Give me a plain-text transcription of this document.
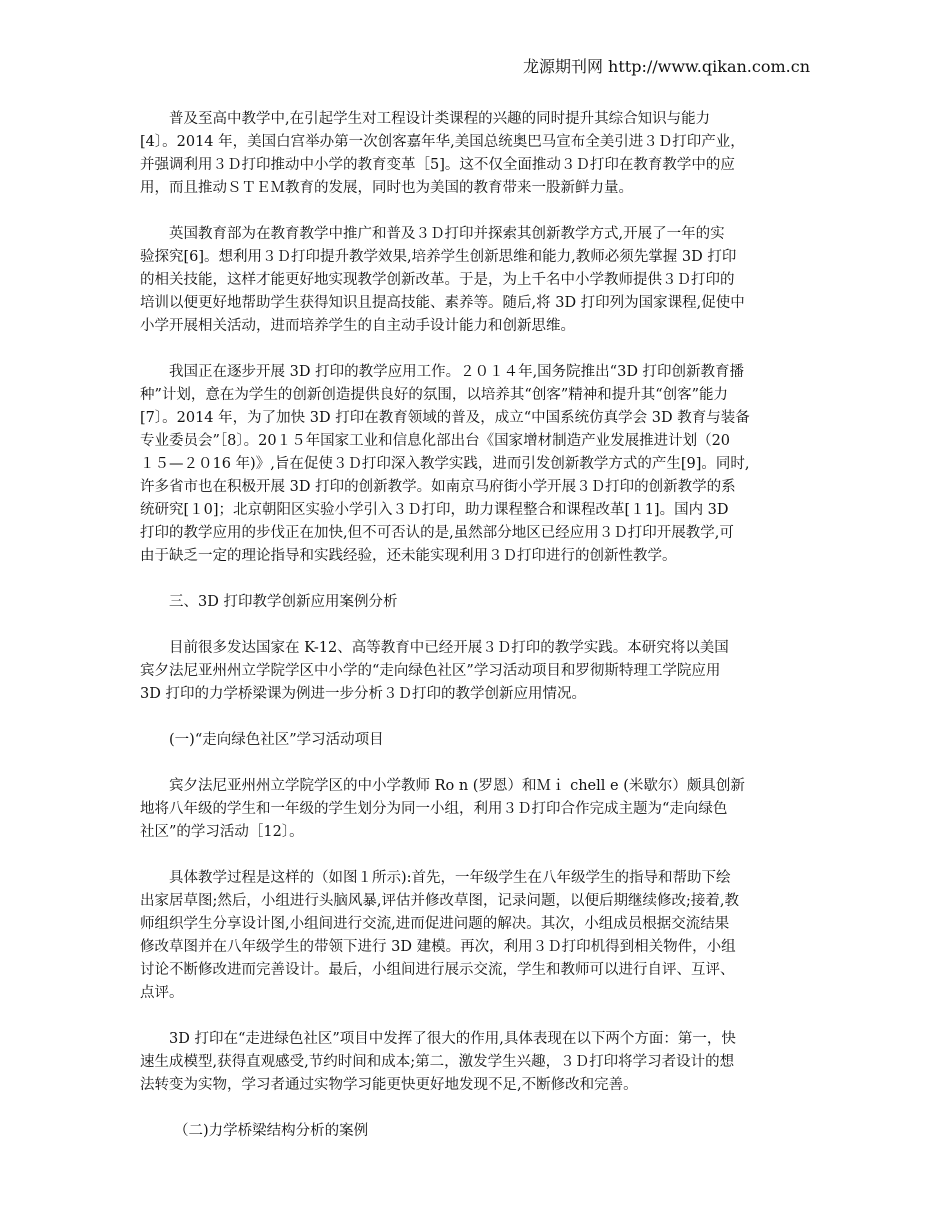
龙源期刊网 http://www.qikan.com.cn
普及至高中教学中,在引起学生对工程设计类课程的兴趣的同时提升其综合知识与能力
[4〕。2014 年，美国白宫举办第一次创客嘉年华,美国总统奥巴马宣布全美引进３Ｄ打印产业，
并强调利用３Ｄ打印推动中小学的教育变革［5]。这不仅全面推动３Ｄ打印在教育教学中的应
用，而且推动ＳＴＥＭ教育的发展，同时也为美国的教育带来一股新鲜力量。
英国教育部为在教育教学中推广和普及３Ｄ打印并探索其创新教学方式,开展了一年的实
验探究[6]。想利用３Ｄ打印提升教学效果,培养学生创新思维和能力,教师必须先掌握 3D 打印
的相关技能，这样才能更好地实现教学创新改革。于是，为上千名中小学教师提供３Ｄ打印的
培训以便更好地帮助学生获得知识且提高技能、素养等。随后,将 3D 打印列为国家课程,促使中
小学开展相关活动，进而培养学生的自主动手设计能力和创新思维。
我国正在逐步开展 3D 打印的教学应用工作。２０１４年,国务院推出“3D 打印创新教育播
种”计划，意在为学生的创新创造提供良好的氛围，以培养其“创客”精神和提升其“创客”能力
[7〕。2014 年，为了加快 3D 打印在教育领域的普及，成立“中国系统仿真学会 3D 教育与装备
专业委员会”［8〕。20１５年国家工业和信息化部出台《国家增材制造产业发展推进计划（20
１５—２０16 年)》,旨在促使３Ｄ打印深入教学实践，进而引发创新教学方式的产生[9]。同时,
许多省市也在积极开展 3D 打印的创新教学。如南京马府街小学开展３Ｄ打印的创新教学的系
统研究[１0]；北京朝阳区实验小学引入３Ｄ打印，助力课程整合和课程改革[１1]。国内 3D
打印的教学应用的步伐正在加快,但不可否认的是,虽然部分地区已经应用３Ｄ打印开展教学,可
由于缺乏一定的理论指导和实践经验，还未能实现利用３Ｄ打印进行的创新性教学。
三、3D 打印教学创新应用案例分析
目前很多发达国家在 K-12、高等教育中已经开展３Ｄ打印的教学实践。本研究将以美国
宾夕法尼亚州州立学院学区中小学的“走向绿色社区”学习活动项目和罗彻斯特理工学院应用
3D 打印的力学桥梁课为例进一步分析３Ｄ打印的教学创新应用情况。
(一)“走向绿色社区”学习活动项目
宾夕法尼亚州州立学院学区的中小学教师 Ro n (罗恩）和Ｍｉ chell e (米歇尔）颇具创新
地将八年级的学生和一年级的学生划分为同一小组，利用３Ｄ打印合作完成主题为“走向绿色
社区”的学习活动［12〕。
具体教学过程是这样的（如图１所示):首先，一年级学生在八年级学生的指导和帮助下绘
出家居草图;然后，小组进行头脑风暴,评估并修改草图，记录问题，以便后期继续修改;接着,教
师组织学生分享设计图,小组间进行交流,进而促进问题的解决。其次，小组成员根据交流结果
修改草图并在八年级学生的带领下进行 3D 建模。再次，利用３Ｄ打印机得到相关物件，小组
讨论不断修改进而完善设计。最后，小组间进行展示交流，学生和教师可以进行自评、互评、
点评。
3D 打印在“走进绿色社区”项目中发挥了很大的作用,具体表现在以下两个方面：第一，快
速生成模型,获得直观感受,节约时间和成本;第二，激发学生兴趣，３Ｄ打印将学习者设计的想
法转变为实物，学习者通过实物学习能更快更好地发现不足,不断修改和完善。
（二)力学桥梁结构分析的案例
